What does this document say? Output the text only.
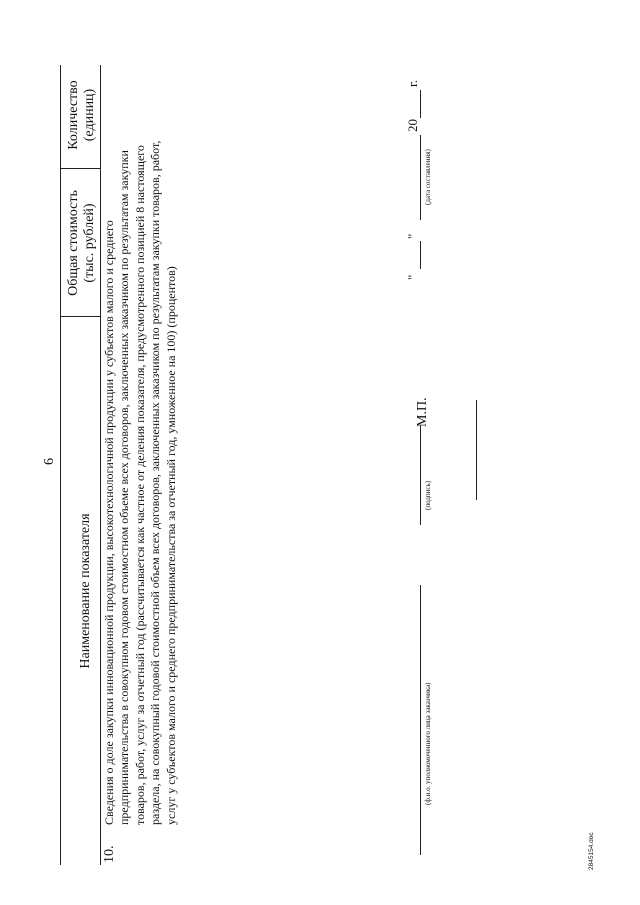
6
Наименование показателя
Общая стоимость
(тыс. рублей)
Количество
(единиц)
10.
Сведения о доле закупки инновационной продукции, высокотехнологичной продукции у субъектов малого и среднего предпринимательства в совокупном годовом стоимостном объеме всех договоров, заключенных заказчиком по результатам закупки товаров, работ, услуг за отчетный год (рассчитывается как частное от деления показателя, предусмотренного позицией 8 настоящего раздела, на совокупный годовой стоимостной объем всех договоров, заключенных заказчиком по результатам закупки товаров, работ, услуг у субъектов малого и среднего предпринимательства за отчетный год, умноженное на 100) (процентов)	(ф.и.о. уполномоченного лица заказчика)
(подпись)
М.П.
"
"
20
г.
(дата составления)
2845154.doc
